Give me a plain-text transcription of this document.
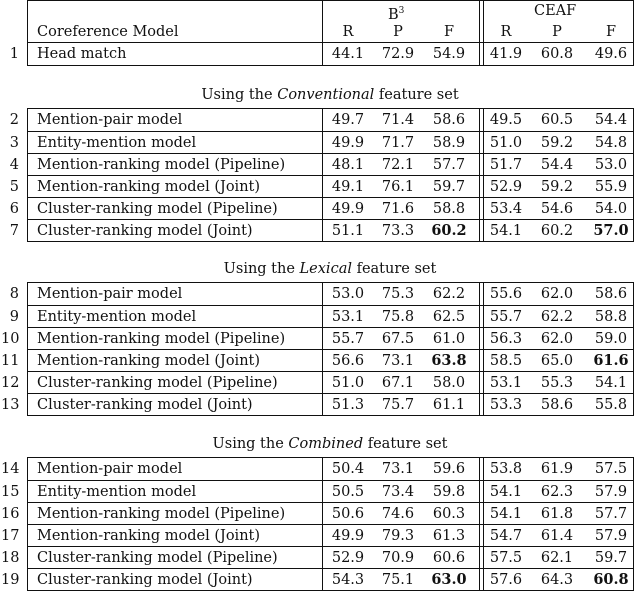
Coreference Model
$B^3$	CEAF
R	P	F	R	P	F
1 Head match	44.1	72.9	54.9	41.9	60.8	49.6
Using the Conventional feature set
2 Mention-pair model	49.7	71.4	58.6	49.5	60.5	54.4
3 Entity-mention model	49.9	71.7	58.9	51.0	59.2	54.8
4 Mention-ranking model (Pipeline)	48.1	72.1	57.7	51.7	54.4	53.0
5 Mention-ranking model (Joint)	49.1	76.1	59.7	52.9	59.2	55.9
6 Cluster-ranking model (Pipeline)	49.9	71.6	58.8	53.4	54.6	54.0
7 Cluster-ranking model (Joint)	51.1	73.3	60.2	54.1	60.2	57.0
Using the Lexical feature set
8 Mention-pair model	53.0	75.3	62.2	55.6	62.0	58.6
9 Entity-mention model	53.1	75.8	62.5	55.7	62.2	58.8
10 Mention-ranking model (Pipeline)	55.7	67.5	61.0	56.3	62.0	59.0
11 Mention-ranking model (Joint)	56.6	73.1	63.8	58.5	65.0	61.6
12 Cluster-ranking model (Pipeline)	51.0	67.1	58.0	53.1	55.3	54.1
13 Cluster-ranking model (Joint)	51.3	75.7	61.1	53.3	58.6	55.8
Using the Combined feature set
14 Mention-pair model	50.4	73.1	59.6	53.8	61.9	57.5
15 Entity-mention model	50.5	73.4	59.8	54.1	62.3	57.9
16 Mention-ranking model (Pipeline)	50.6	74.6	60.3	54.1	61.8	57.7
17 Mention-ranking model (Joint)	49.9	79.3	61.3	54.7	61.4	57.9
18 Cluster-ranking model (Pipeline)	52.9	70.9	60.6	57.5	62.1	59.7
19 Cluster-ranking model (Joint)	54.3	75.1	63.0	57.6	64.3	60.8
